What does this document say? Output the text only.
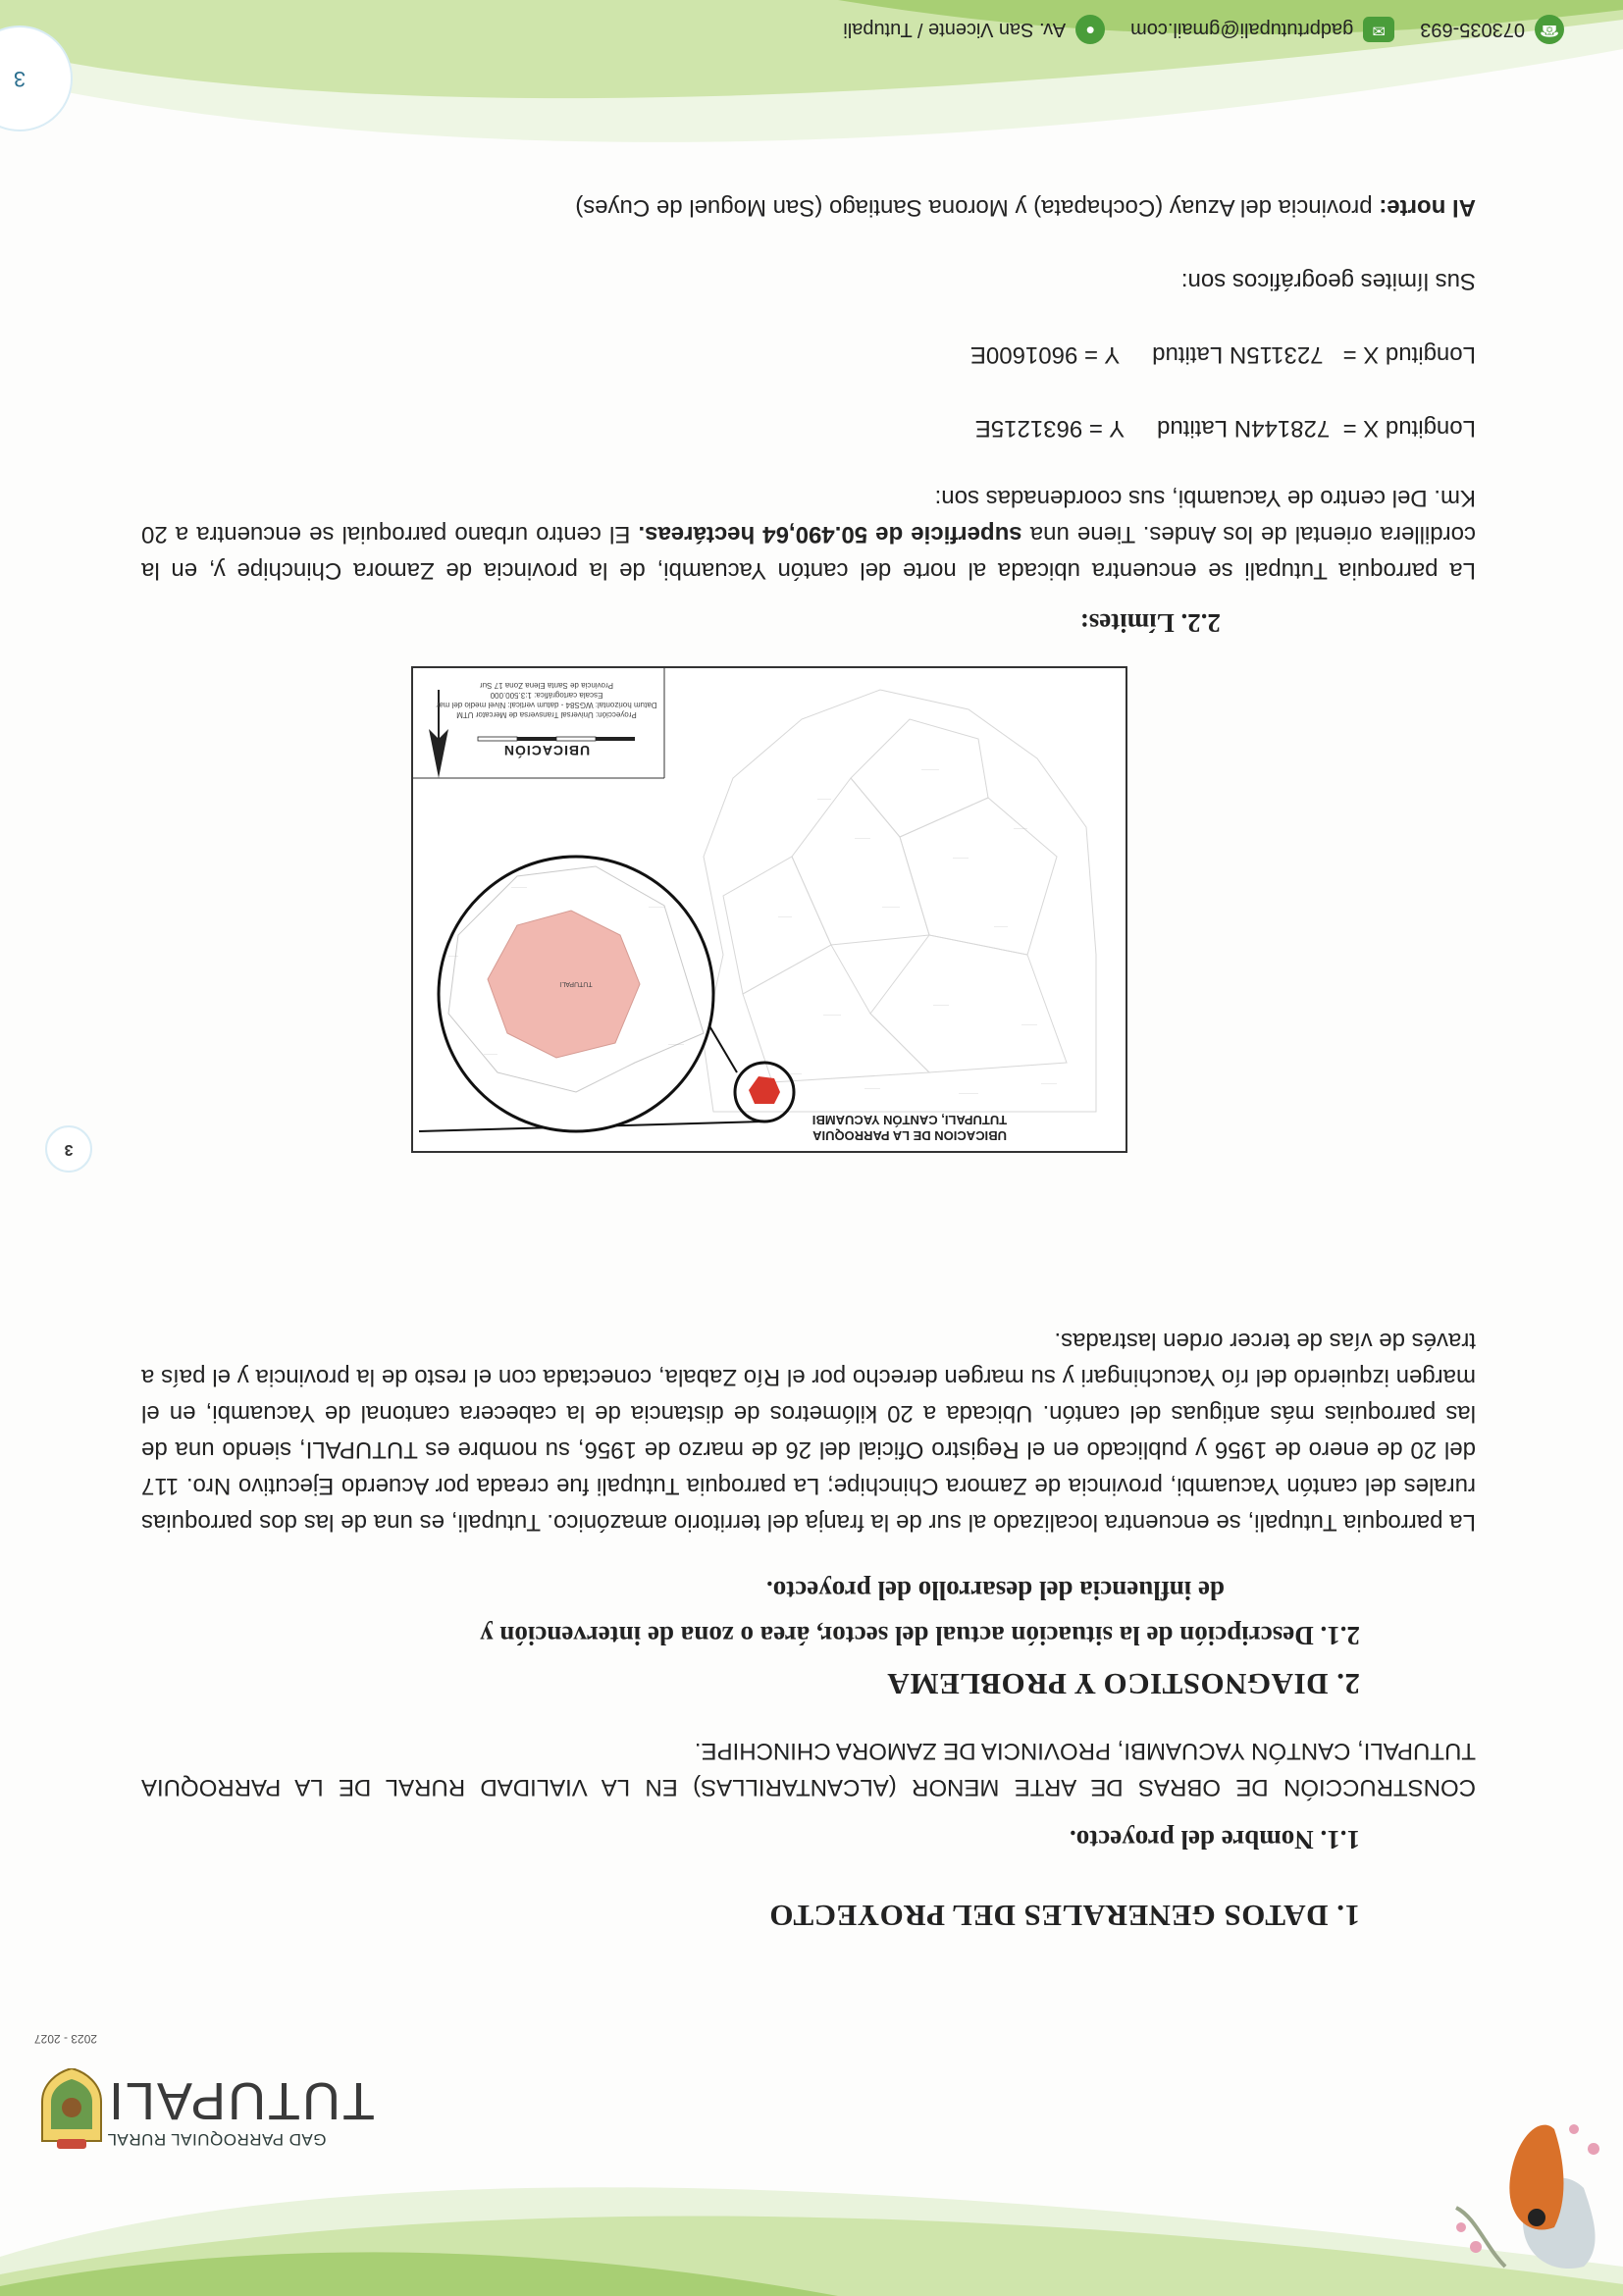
GAD PARROQUIAL RURAL
TUTUPALI
2023 - 2027
1. DATOS GENERALES DEL PROYECTO
1.1. Nombre del proyecto.
CONSTRUCCIÓN DE OBRAS DE ARTE MENOR (ALCANTARILLAS) EN LA VIALIDAD RURAL DE LA PARROQUIA TUTUPALI, CANTÓN YACUAMBI, PROVINCIA DE ZAMORA CHINCHIPE.
2. DIAGNOSTICO Y PROBLEMA
2.1. Descripción de la situación actual del sector, área o zona de intervención y
de influencia del desarrollo del proyecto.
La parroquia Tutupali, se encuentra localizado al sur de la franja del territorio amazónico. Tutupali, es una de las dos parroquias rurales del cantón Yacuambi, provincia de Zamora Chinchipe; La parroquia Tutupali fue creada por Acuerdo Ejecutivo Nro. 117 del 20 de enero de 1956 y publicado en el Registro Oficial del 26 de marzo de 1956, su nombre es TUTUPALI, siendo una de las parroquias más antiguas del cantón. Ubicada a 20 kilómetros de distancia de la cabecera cantonal de Yacuambi, en el margen izquierdo del río Yacuchingari y su margen derecho por el Río Zabala, conectada con el resto de la provincia y el país a través de vías de tercer orden lastradas.
········
··········
········
·······
········
········
·········
·······
·········
·······
········
········
·········
·······
·······
TUTUPALI
········
·······
········
········
·····
UBICACION DE LA PARROQUIA
TUTUPALI, CANTÓN YACUAMBI
UBICACIÓN
Proyección: Universal Transversa de Mercator UTM
Datum horizontal: WGS84 - datum vertical: Nivel medio del mar
Escala cartográfica: 1:3.500.000
Provincia de Santa Elena Zona 17 Sur
2.2. Límites:
La parroquia Tutupali se encuentra ubicada al norte del cantón Yacuambi, de la provincia de Zamora Chinchipe y, en la cordillera oriental de los Andes. Tiene una superficie de 50.490,64 hectáreas. El centro urbano parroquial se encuentra a 20 Km. Del centro de Yacuambi, sus coordenadas son:
Longitud X =  728144N Latitud     Y = 9631215E
Longitud X =   723115N Latitud     Y = 9601600E
Sus límites geográficos son:
Al norte: provincia del Azuay (Cochapata) y Morona Santiago (San Moguel de Cuyes)
3
3
☎
073035-693
✉
gadprtutupali@gmail.com
●
Av. San Vicente / Tutupali
